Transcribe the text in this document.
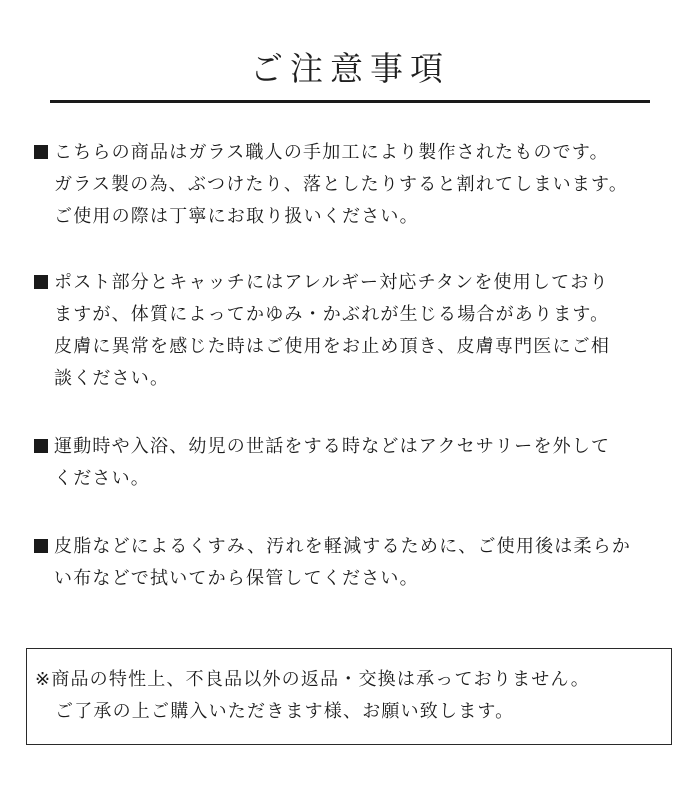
ご注意事項
こちらの商品はガラス職人の手加工により製作されたものです。
ガラス製の為、ぶつけたり、落としたりすると割れてしまいます。
ご使用の際は丁寧にお取り扱いください。
ポスト部分とキャッチにはアレルギー対応チタンを使用しており
ますが、体質によってかゆみ・かぶれが生じる場合があります。
皮膚に異常を感じた時はご使用をお止め頂き、皮膚専門医にご相
談ください。
運動時や入浴、幼児の世話をする時などはアクセサリーを外して
ください。
皮脂などによるくすみ、汚れを軽減するために、ご使用後は柔らか
い布などで拭いてから保管してください。
※商品の特性上、不良品以外の返品・交換は承っておりません。
ご了承の上ご購入いただきます様、お願い致します。
